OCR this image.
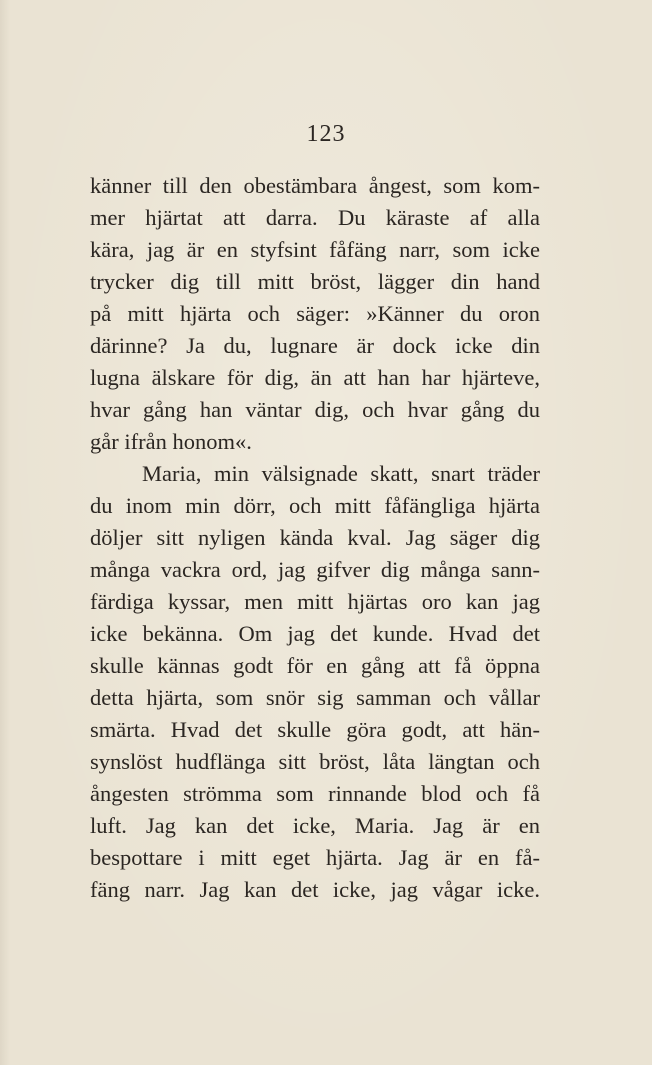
123
känner till den obestämbara ångest, som kom-
mer hjärtat att darra. Du käraste af alla
kära, jag är en styfsint fåfäng narr, som icke
trycker dig till mitt bröst, lägger din hand
på mitt hjärta och säger: »Känner du oron
därinne? Ja du, lugnare är dock icke din
lugna älskare för dig, än att han har hjärteve,
hvar gång han väntar dig, och hvar gång du
går ifrån honom«.
Maria, min välsignade skatt, snart träder
du inom min dörr, och mitt fåfängliga hjärta
döljer sitt nyligen kända kval. Jag säger dig
många vackra ord, jag gifver dig många sann-
färdiga kyssar, men mitt hjärtas oro kan jag
icke bekänna. Om jag det kunde. Hvad det
skulle kännas godt för en gång att få öppna
detta hjärta, som snör sig samman och vållar
smärta. Hvad det skulle göra godt, att hän-
synslöst hudflänga sitt bröst, låta längtan och
ångesten strömma som rinnande blod och få
luft. Jag kan det icke, Maria. Jag är en
bespottare i mitt eget hjärta. Jag är en få-
fäng narr. Jag kan det icke, jag vågar icke.
